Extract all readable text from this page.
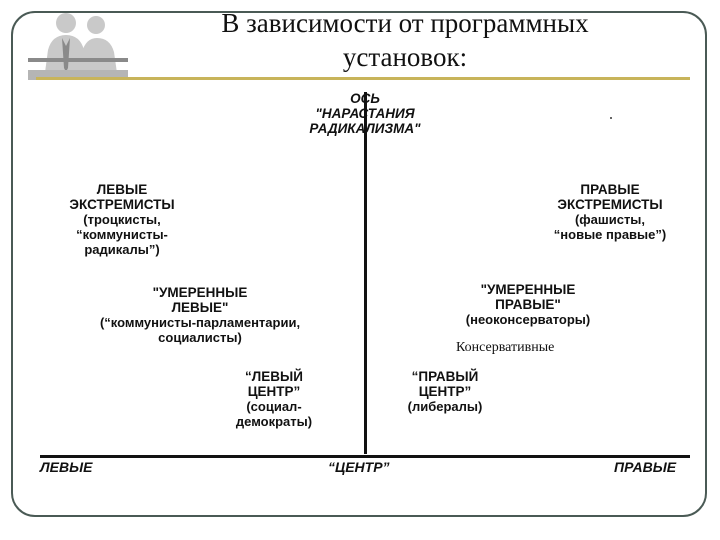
В зависимости от программных
установок:
ОСЬ
"НАРАСТАНИЯ
РАДИКАЛИЗМА"
ЛЕВЫЕ
ЭКСТРЕМИСТЫ
(троцкисты,
“коммунисты-
радикалы”)
ПРАВЫЕ
ЭКСТРЕМИСТЫ
(фашисты,
“новые правые”)
"УМЕРЕННЫЕ
ЛЕВЫЕ"
(“коммунисты-парламентарии,
социалисты)
"УМЕРЕННЫЕ
ПРАВЫЕ"
(неоконсерваторы)
Консервативные
“ЛЕВЫЙ
ЦЕНТР”
(социал-
демократы)
“ПРАВЫЙ
ЦЕНТР”
(либералы)
ЛЕВЫЕ	“ЦЕНТР”	ПРАВЫЕ
